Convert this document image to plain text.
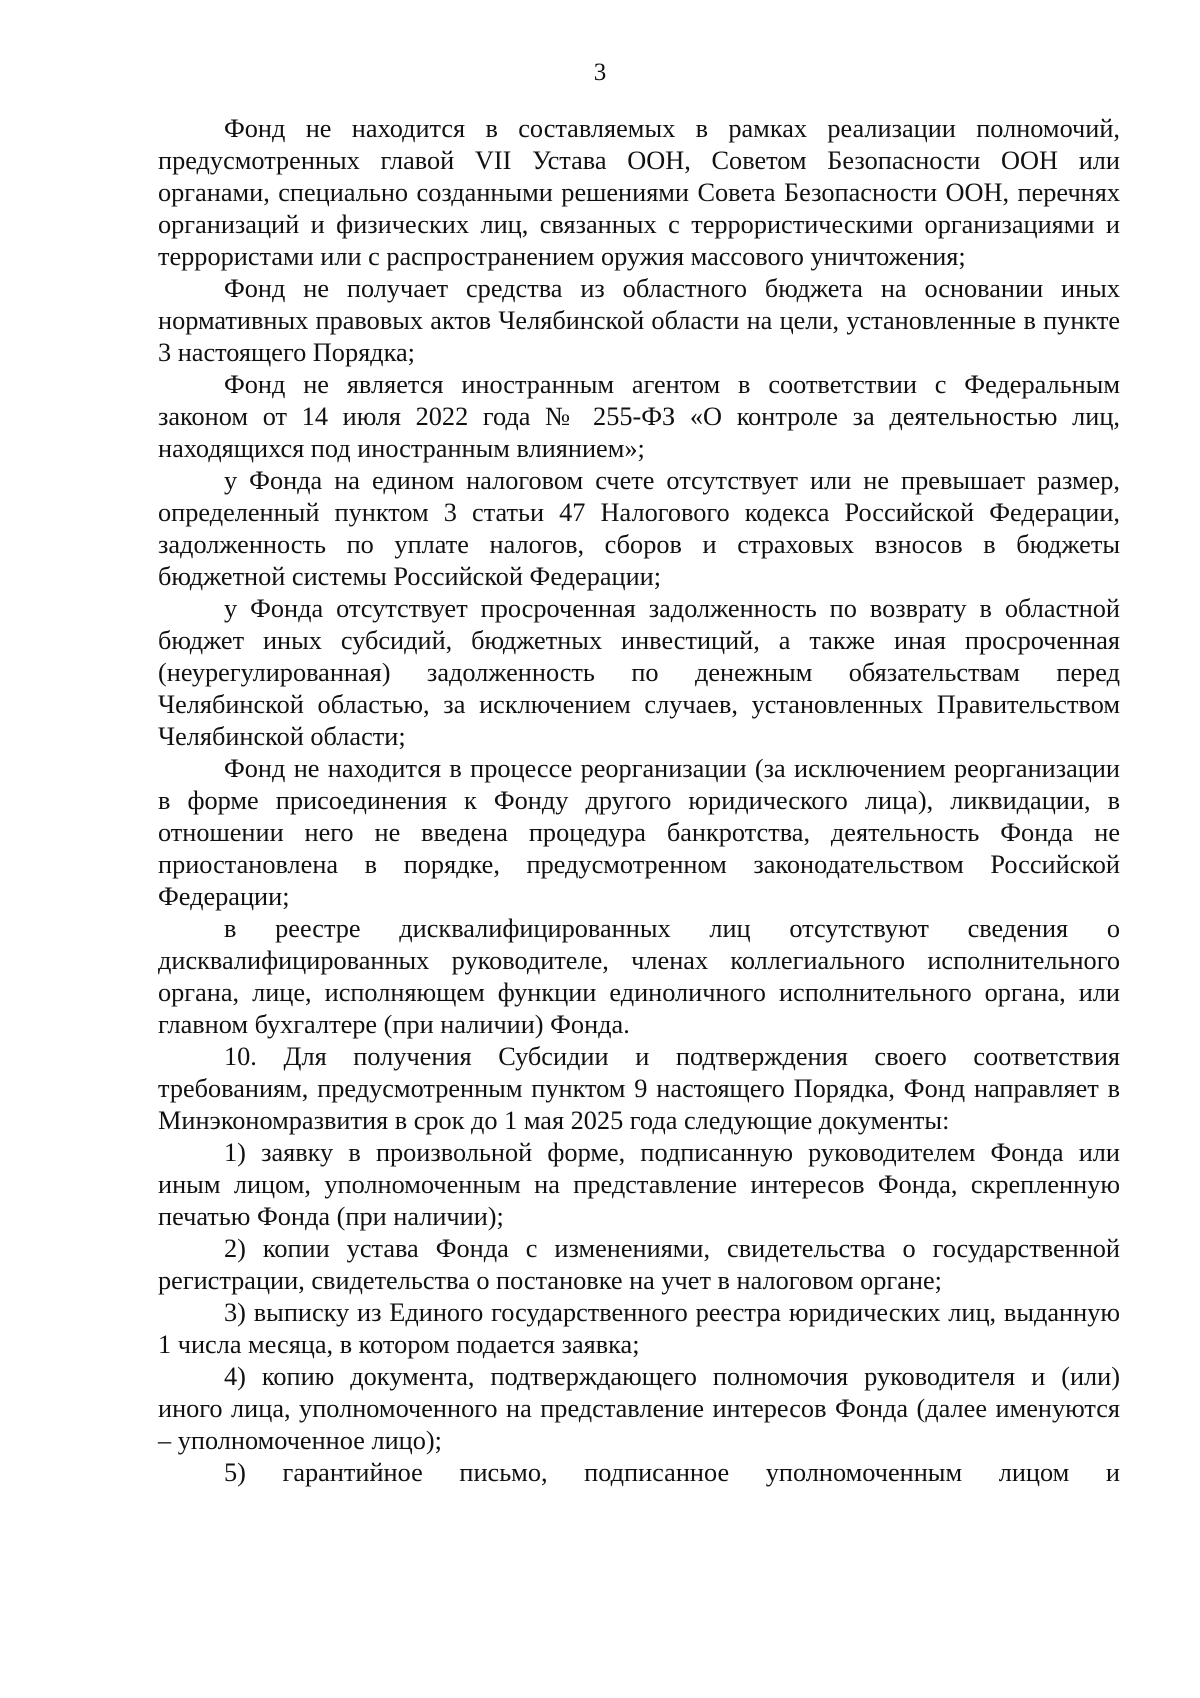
3

Фонд не находится в составляемых в рамках реализации полномочий, предусмотренных главой VII Устава ООН, Советом Безопасности ООН или органами, специально созданными решениями Совета Безопасности ООН, перечнях организаций и физических лиц, связанных с террористическими организациями и террористами или с распространением оружия массового уничтожения;

Фонд не получает средства из областного бюджета на основании иных нормативных правовых актов Челябинской области на цели, установленные в пункте 3 настоящего Порядка;

Фонд не является иностранным агентом в соответствии с Федеральным законом от 14 июля 2022 года № 255-ФЗ «О контроле за деятельностью лиц, находящихся под иностранным влиянием»;

у Фонда на едином налоговом счете отсутствует или не превышает размер, определенный пунктом 3 статьи 47 Налогового кодекса Российской Федерации, задолженность по уплате налогов, сборов и страховых взносов в бюджеты бюджетной системы Российской Федерации;

у Фонда отсутствует просроченная задолженность по возврату в областной бюджет иных субсидий, бюджетных инвестиций, а также иная просроченная (неурегулированная) задолженность по денежным обязательствам перед Челябинской областью, за исключением случаев, установленных Правительством Челябинской области;

Фонд не находится в процессе реорганизации (за исключением реорганизации в форме присоединения к Фонду другого юридического лица), ликвидации, в отношении него не введена процедура банкротства, деятельность Фонда не приостановлена в порядке, предусмотренном законодательством Российской Федерации;

в реестре дисквалифицированных лиц отсутствуют сведения о дисквалифицированных руководителе, членах коллегиального исполнительного органа, лице, исполняющем функции единоличного исполнительного органа, или главном бухгалтере (при наличии) Фонда.

10. Для получения Субсидии и подтверждения своего соответствия требованиям, предусмотренным пунктом 9 настоящего Порядка, Фонд направляет в Минэкономразвития в срок до 1 мая 2025 года следующие документы:

1) заявку в произвольной форме, подписанную руководителем Фонда или иным лицом, уполномоченным на представление интересов Фонда, скрепленную печатью Фонда (при наличии);

2) копии устава Фонда с изменениями, свидетельства о государственной регистрации, свидетельства о постановке на учет в налоговом органе;

3) выписку из Единого государственного реестра юридических лиц, выданную 1 числа месяца, в котором подается заявка;

4) копию документа, подтверждающего полномочия руководителя и (или) иного лица, уполномоченного на представление интересов Фонда (далее именуются – уполномоченное лицо);

5) гарантийное письмо, подписанное уполномоченным лицом и
